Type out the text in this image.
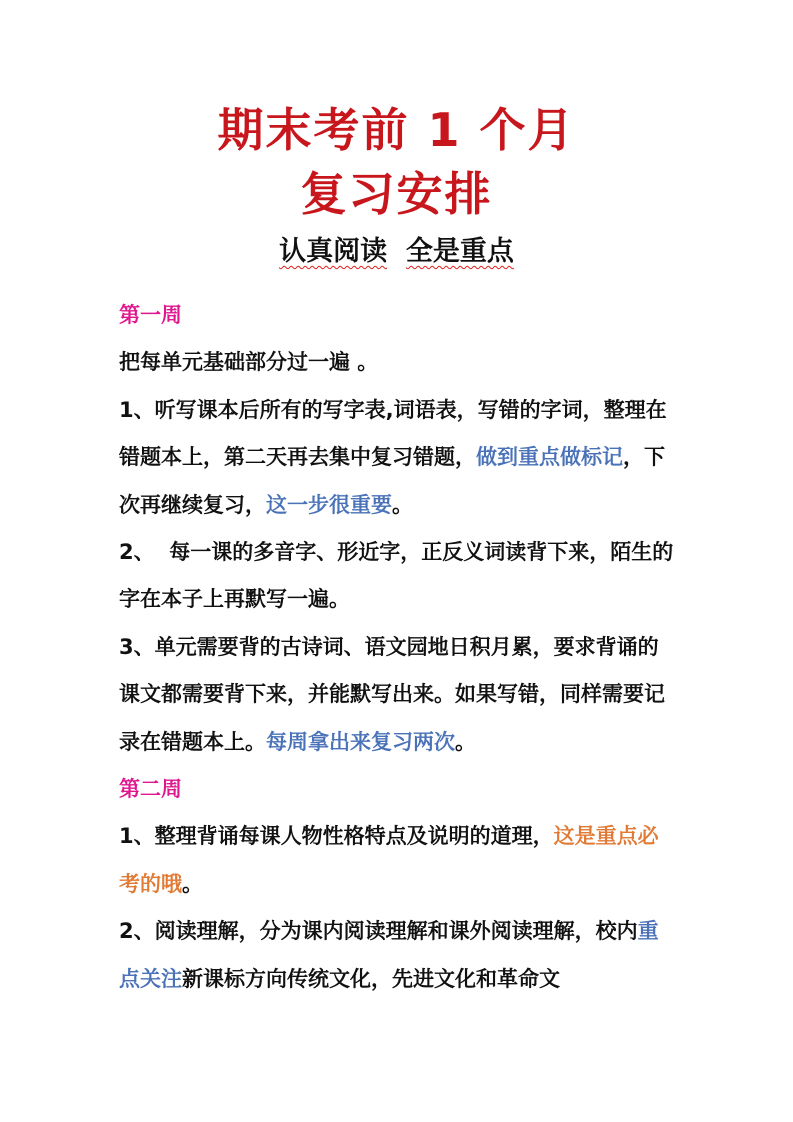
期末考前 1 个月
复习安排
认真阅读 全是重点

第一周

把每单元基础部分过一遍 。

1、听写课本后所有的写字表,词语表，写错的字词，整理在错题本上，第二天再去集中复习错题，做到重点做标记，下次再继续复习，这一步很重要。

2、  每一课的多音字、形近字，正反义词读背下来，陌生的字在本子上再默写一遍。

3、单元需要背的古诗词、语文园地日积月累，要求背诵的课文都需要背下来，并能默写出来。如果写错，同样需要记录在错题本上。每周拿出来复习两次。

第二周

1、整理背诵每课人物性格特点及说明的道理，这是重点必考的哦。

2、阅读理解，分为课内阅读理解和课外阅读理解，校内重点关注新课标方向传统文化，先进文化和革命文
